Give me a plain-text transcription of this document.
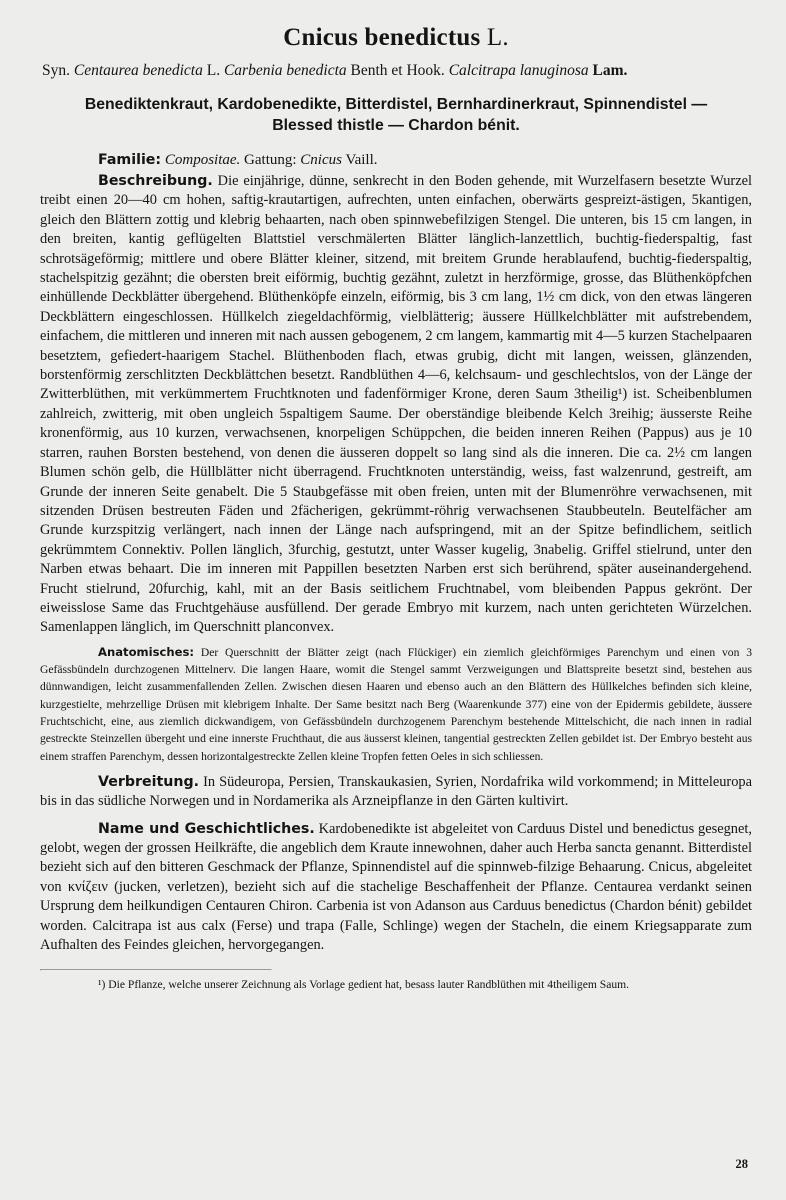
Cnicus benedictus L.
Syn. Centaurea benedicta L. Carbenia benedicta Benth et Hook. Calcitrapa lanuginosa Lam.
Benediktenkraut, Kardobenedikte, Bitterdistel, Bernhardinerkraut, Spinnendistel —
Blessed thistle — Chardon bénit.
Familie: Compositae. Gattung: Cnicus Vaill.

Beschreibung. Die einjährige, dünne, senkrecht in den Boden gehende, mit Wurzelfasern besetzte Wurzel treibt einen 20—40 cm hohen, saftig-krautartigen, aufrechten, unten einfachen, oberwärts gespreizt-ästigen, 5kantigen, gleich den Blättern zottig und klebrig behaarten, nach oben spinnwebefilzigen Stengel. Die unteren, bis 15 cm langen, in den breiten, kantig geflügelten Blattstiel verschmälerten Blätter länglich-lanzettlich, buchtig-fiederspaltig, fast schrotsägeförmig; mittlere und obere Blätter kleiner, sitzend, mit breitem Grunde herablaufend, buchtig-fiederspaltig, stachelspitzig gezähnt; die obersten breit eiförmig, buchtig gezähnt, zuletzt in herzförmige, grosse, das Blüthenköpfchen einhüllende Deckblätter übergehend. Blüthenköpfe einzeln, eiförmig, bis 3 cm lang, 1½ cm dick, von den etwas längeren Deckblättern eingeschlossen. Hüllkelch ziegeldachförmig, vielblätterig; äussere Hüllkelchblätter mit aufstrebendem, einfachem, die mittleren und inneren mit nach aussen gebogenem, 2 cm langem, kammartig mit 4—5 kurzen Stachelpaaren besetztem, gefiedert-haarigem Stachel. Blüthenboden flach, etwas grubig, dicht mit langen, weissen, glänzenden, borstenförmig zerschlitzten Deckblättchen besetzt. Randblüthen 4—6, kelchsaum- und geschlechtslos, von der Länge der Zwitterblüthen, mit verkümmertem Fruchtknoten und fadenförmiger Krone, deren Saum 3theilig¹) ist. Scheibenblumen zahlreich, zwitterig, mit oben ungleich 5spaltigem Saume. Der oberständige bleibende Kelch 3reihig; äusserste Reihe kronenförmig, aus 10 kurzen, verwachsenen, knorpeligen Schüppchen, die beiden inneren Reihen (Pappus) aus je 10 starren, rauhen Borsten bestehend, von denen die äusseren doppelt so lang sind als die inneren. Die ca. 2½ cm langen Blumen schön gelb, die Hüllblätter nicht überragend. Fruchtknoten unterständig, weiss, fast walzenrund, gestreift, am Grunde der inneren Seite genabelt. Die 5 Staubgefässe mit oben freien, unten mit der Blumenröhre verwachsenen, mit sitzenden Drüsen bestreuten Fäden und 2fächerigen, gekrümmt-röhrig verwachsenen Staubbeuteln. Beutelfächer am Grunde kurzspitzig verlängert, nach innen der Länge nach aufspringend, mit an der Spitze befindlichem, seitlich gekrümmtem Connektiv. Pollen länglich, 3furchig, gestutzt, unter Wasser kugelig, 3nabelig. Griffel stielrund, unter den Narben etwas behaart. Die im inneren mit Pappillen besetzten Narben erst sich berührend, später auseinandergehend. Frucht stielrund, 20furchig, kahl, mit an der Basis seitlichem Fruchtnabel, vom bleibenden Pappus gekrönt. Der eiweisslose Same das Fruchtgehäuse ausfüllend. Der gerade Embryo mit kurzem, nach unten gerichteten Würzelchen. Samenlappen länglich, im Querschnitt planconvex.

Anatomisches: Der Querschnitt der Blätter zeigt (nach Flückiger) ein ziemlich gleichförmiges Parenchym und einen von 3 Gefässbündeln durchzogenen Mittelnerv. Die langen Haare, womit die Stengel sammt Verzweigungen und Blattspreite besetzt sind, bestehen aus dünnwandigen, leicht zusammenfallenden Zellen. Zwischen diesen Haaren und ebenso auch an den Blättern des Hüllkelches befinden sich kleine, kurzgestielte, mehrzellige Drüsen mit klebrigem Inhalte. Der Same besitzt nach Berg (Waarenkunde 377) eine von der Epidermis gebildete, äussere Fruchtschicht, eine, aus ziemlich dickwandigem, von Gefässbündeln durchzogenem Parenchym bestehende Mittelschicht, die nach innen in radial gestreckte Steinzellen übergeht und eine innerste Fruchthaut, die aus äusserst kleinen, tangential gestreckten Zellen gebildet ist. Der Embryo besteht aus einem straffen Parenchym, dessen horizontalgestreckte Zellen kleine Tropfen fetten Oeles in sich schliessen.

Verbreitung. In Südeuropa, Persien, Transkaukasien, Syrien, Nordafrika wild vorkommend; in Mitteleuropa bis in das südliche Norwegen und in Nordamerika als Arzneipflanze in den Gärten kultivirt.

Name und Geschichtliches. Kardobenedikte ist abgeleitet von Carduus Distel und benedictus gesegnet, gelobt, wegen der grossen Heilkräfte, die angeblich dem Kraute innewohnen, daher auch Herba sancta genannt. Bitterdistel bezieht sich auf den bitteren Geschmack der Pflanze, Spinnendistel auf die spinnweb-filzige Behaarung. Cnicus, abgeleitet von κνίζειν (jucken, verletzen), bezieht sich auf die stachelige Beschaffenheit der Pflanze. Centaurea verdankt seinen Ursprung dem heilkundigen Centauren Chiron. Carbenia ist von Adanson aus Carduus benedictus (Chardon bénit) gebildet worden. Calcitrapa ist aus calx (Ferse) und trapa (Falle, Schlinge) wegen der Stacheln, die einem Kriegsapparate zum Aufhalten des Feindes gleichen, hervorgegangen.

¹) Die Pflanze, welche unserer Zeichnung als Vorlage gedient hat, besass lauter Randblüthen mit 4theiligem Saum.

28
